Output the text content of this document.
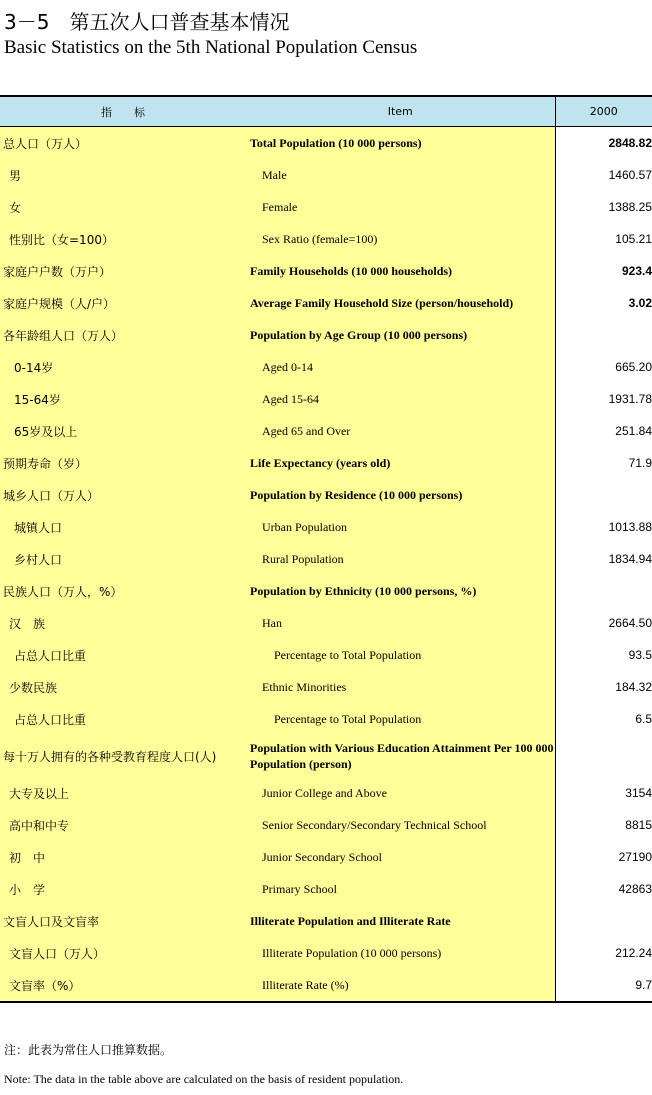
3－5　第五次人口普查基本情况
Basic Statistics on the 5th National Population Census
指　　标	Item	2000
总人口（万人）	Total Population (10 000 persons)	2848.82
男	Male	1460.57
女	Female	1388.25
性别比（女=100）	Sex Ratio (female=100)	105.21
家庭户户数（万户）	Family Households (10 000 households)	923.4
家庭户规模（人/户）	Average Family Household Size (person/household)	3.02
各年龄组人口（万人）	Population by Age Group (10 000 persons)	
0-14岁	Aged 0-14	665.20
15-64岁	Aged 15-64	1931.78
65岁及以上	Aged 65 and Over	251.84
预期寿命（岁）	Life Expectancy (years old)	71.9
城乡人口（万人）	Population by Residence (10 000 persons)	
城镇人口	Urban Population	1013.88
乡村人口	Rural Population	1834.94
民族人口（万人，%）	Population by Ethnicity (10 000 persons, %)	
汉　族	Han	2664.50
占总人口比重	Percentage to Total Population	93.5
少数民族	Ethnic Minorities	184.32
占总人口比重	Percentage to Total Population	6.5
每十万人拥有的各种受教育程度人口(人)	Population with Various Education Attainment Per 100 000 Population (person)	
大专及以上	Junior College and Above	3154
高中和中专	Senior Secondary/Secondary Technical School	8815
初　中	Junior Secondary School	27190
小　学	Primary School	42863
文盲人口及文盲率	Illiterate Population and Illiterate Rate	
文盲人口（万人）	Illiterate Population (10 000 persons)	212.24
文盲率（%）	Illiterate Rate (%)	9.7
注：此表为常住人口推算数据。
Note: The data in the table above are calculated on the basis of resident population.
